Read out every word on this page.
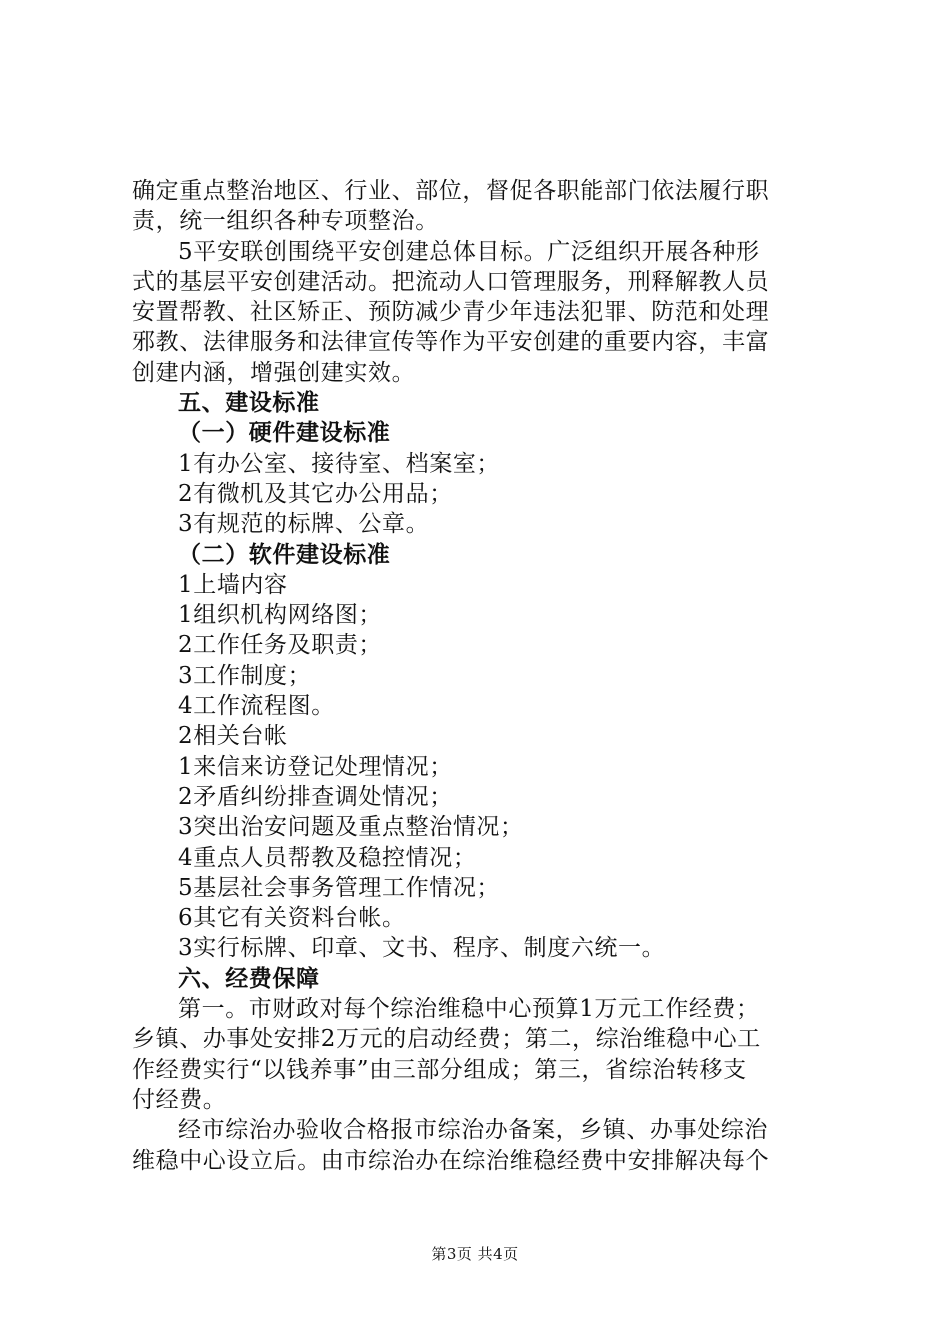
确定重点整治地区、行业、部位，督促各职能部门依法履行职
责，统一组织各种专项整治。
5平安联创围绕平安创建总体目标。广泛组织开展各种形
式的基层平安创建活动。把流动人口管理服务，刑释解教人员
安置帮教、社区矫正、预防减少青少年违法犯罪、防范和处理
邪教、法律服务和法律宣传等作为平安创建的重要内容，丰富
创建内涵，增强创建实效。
五、建设标准
（一）硬件建设标准
1有办公室、接待室、档案室；
2有微机及其它办公用品；
3有规范的标牌、公章。
（二）软件建设标准
1上墙内容
1组织机构网络图；
2工作任务及职责；
3工作制度；
4工作流程图。
2相关台帐
1来信来访登记处理情况；
2矛盾纠纷排查调处情况；
3突出治安问题及重点整治情况；
4重点人员帮教及稳控情况；
5基层社会事务管理工作情况；
6其它有关资料台帐。
3实行标牌、印章、文书、程序、制度六统一。
六、经费保障
第一。市财政对每个综治维稳中心预算1万元工作经费；
乡镇、办事处安排2万元的启动经费；第二，综治维稳中心工
作经费实行“以钱养事”由三部分组成；第三，省综治转移支
付经费。
经市综治办验收合格报市综治办备案，乡镇、办事处综治
维稳中心设立后。由市综治办在综治维稳经费中安排解决每个
第3页 共4页
